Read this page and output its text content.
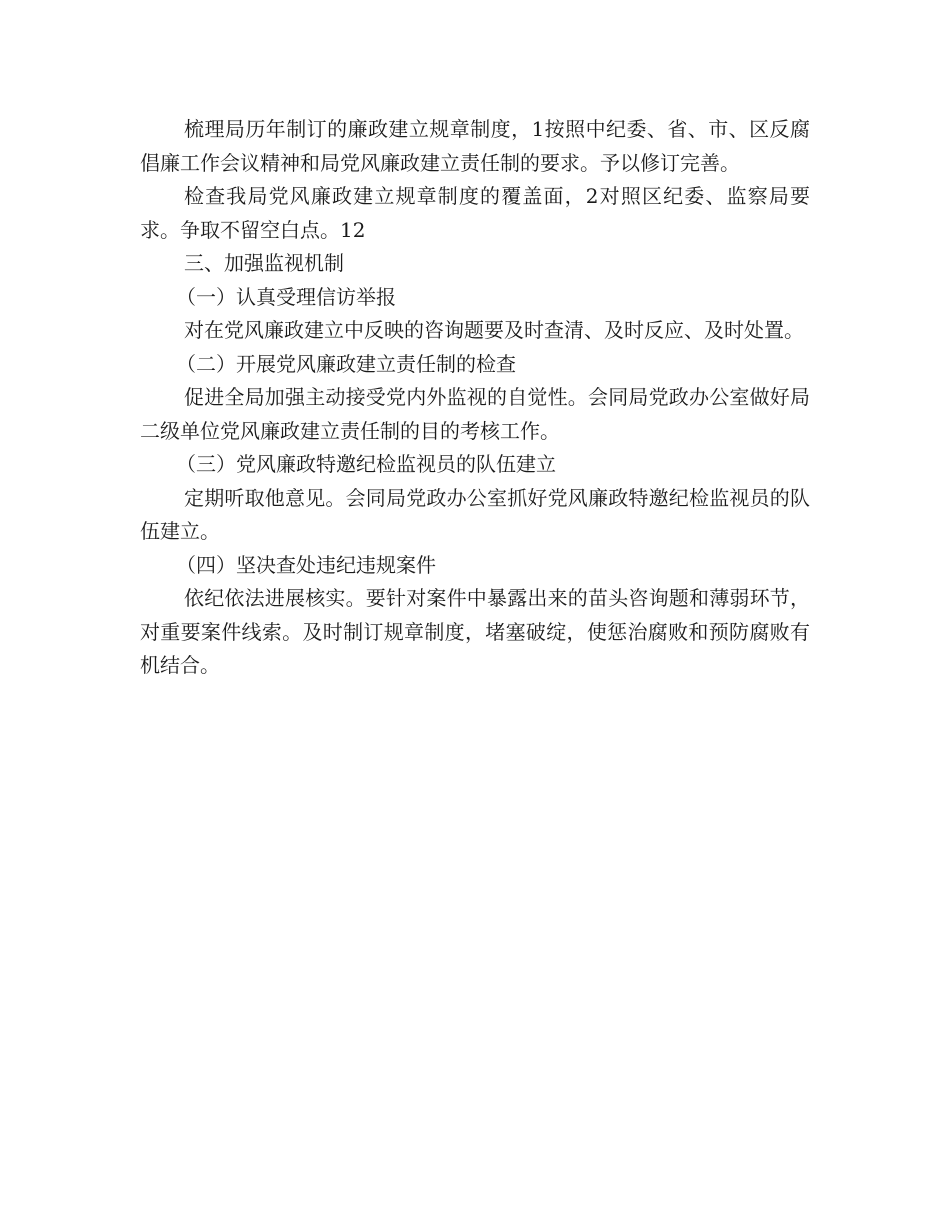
梳理局历年制订的廉政建立规章制度，1按照中纪委、省、市、区反腐倡廉工作会议精神和局党风廉政建立责任制的要求。予以修订完善。

检查我局党风廉政建立规章制度的覆盖面，2对照区纪委、监察局要求。争取不留空白点。12

三、加强监视机制

（一）认真受理信访举报

对在党风廉政建立中反映的咨询题要及时查清、及时反应、及时处置。

（二）开展党风廉政建立责任制的检查

促进全局加强主动接受党内外监视的自觉性。会同局党政办公室做好局二级单位党风廉政建立责任制的目的考核工作。

（三）党风廉政特邀纪检监视员的队伍建立

定期听取他意见。会同局党政办公室抓好党风廉政特邀纪检监视员的队伍建立。

（四）坚决查处违纪违规案件

依纪依法进展核实。要针对案件中暴露出来的苗头咨询题和薄弱环节，对重要案件线索。及时制订规章制度，堵塞破绽，使惩治腐败和预防腐败有机结合。
